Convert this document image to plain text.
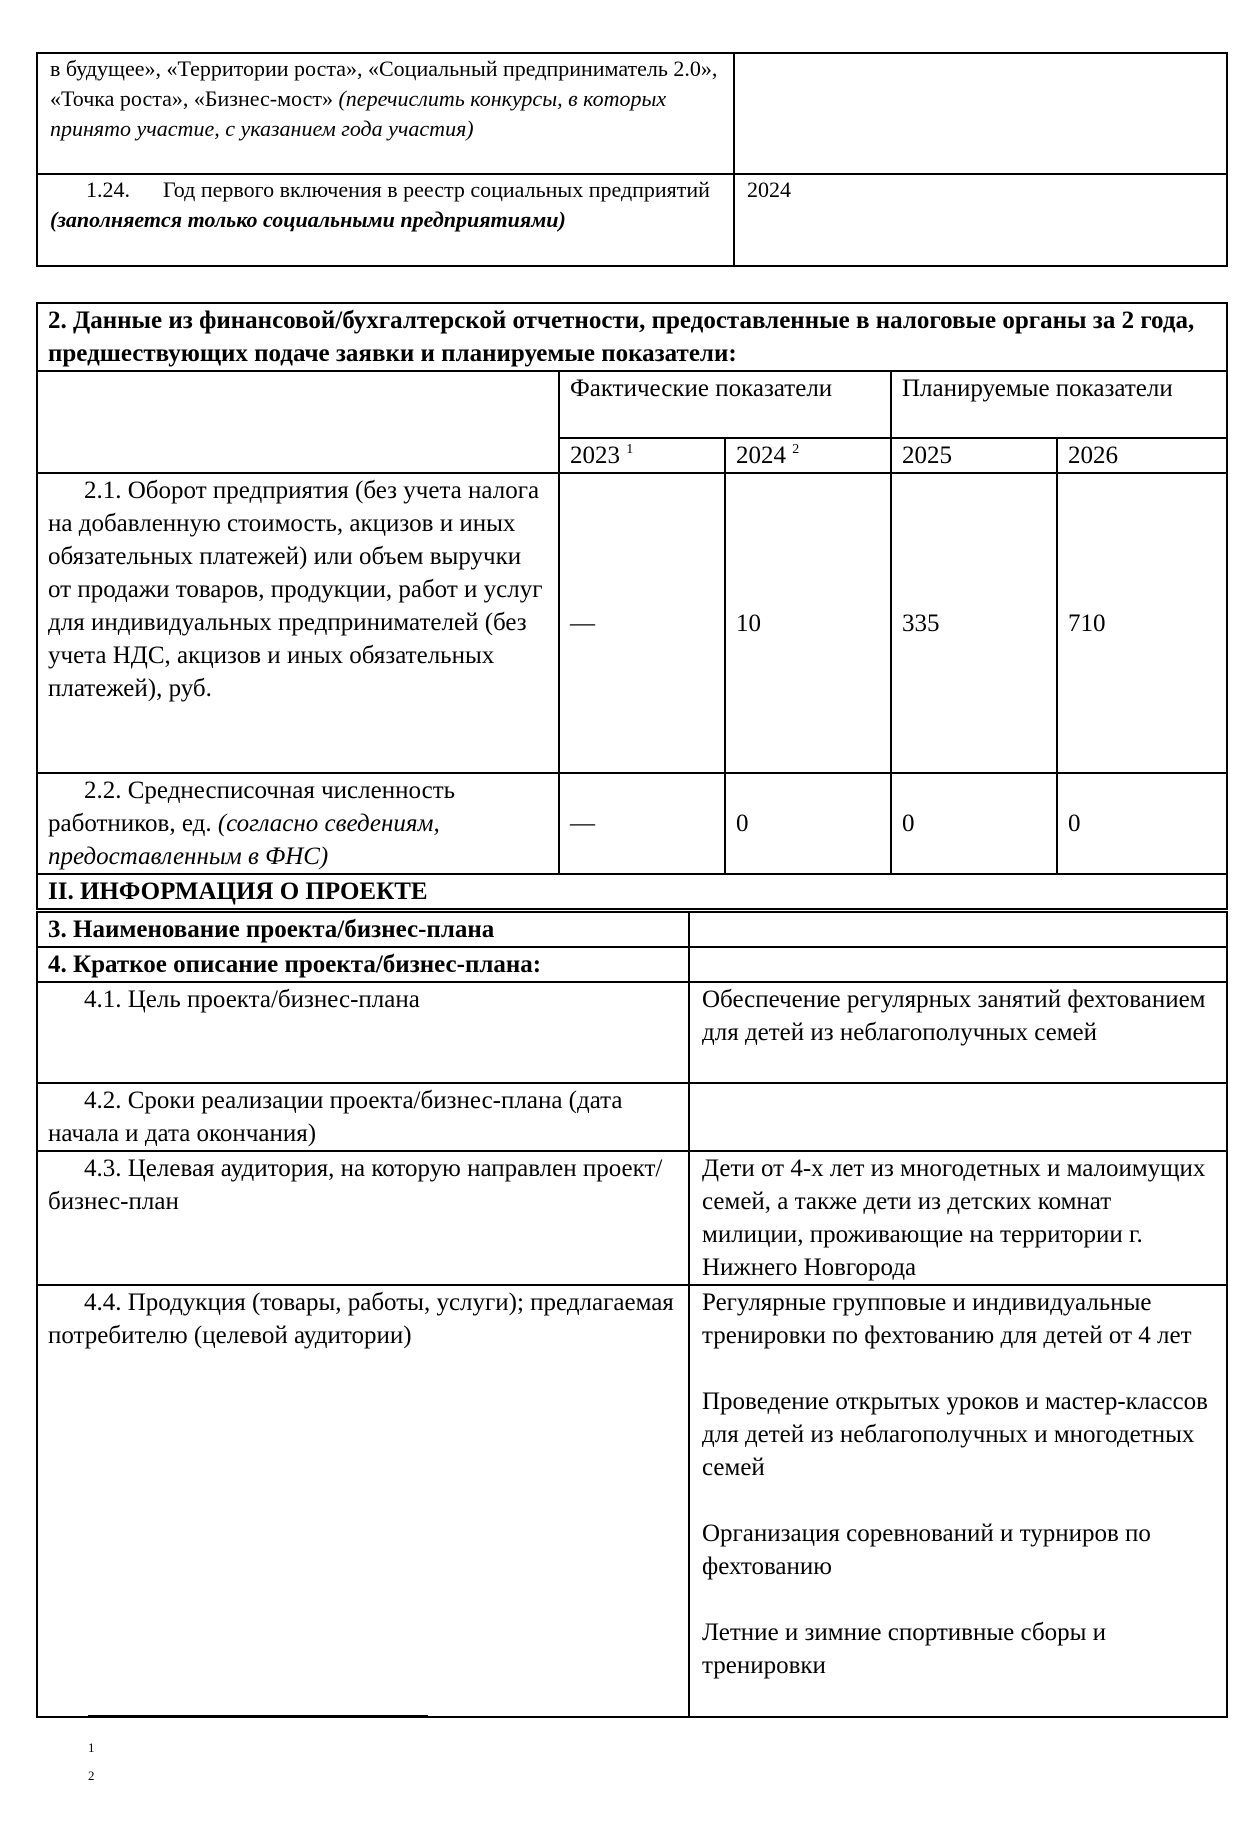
в будущее», «Территории роста», «Социальный предприниматель 2.0», «Точка роста», «Бизнес-мост» (перечислить конкурсы, в которых принято участие, с указанием года участия)	
1.24. Год первого включения в реестр социальных предприятий (заполняется только социальными предприятиями)	2024
2. Данные из финансовой/бухгалтерской отчетности, предоставленные в налоговые органы за 2 года, предшествующих подаче заявки и планируемые показатели:				
	Фактические показатели		Планируемые показатели	
	2023 $^1$	2024 $^2$	2025	2026
2.1. Оборот предприятия (без учета налога на добавленную стоимость, акцизов и иных обязательных платежей) или объем выручки от продажи товаров, продукции, работ и услуг для индивидуальных предпринимателей (без учета НДС, акцизов и иных обязательных платежей), руб.	—	10	335	710
2.2. Среднесписочная численность работников, ед. (согласно сведениям, предоставленным в ФНС)	—	0	0	0
II. ИНФОРМАЦИЯ О ПРОЕКТЕ				
3. Наименование проекта/бизнес-плана	
4. Краткое описание проекта/бизнес-плана:	
4.1. Цель проекта/бизнес-плана	Обеспечение регулярных занятий фехтованием для детей из неблагополучных семей
4.2. Сроки реализации проекта/бизнес-плана (дата начала и дата окончания)	
4.3. Целевая аудитория, на которую направлен проект/бизнес-план	Дети от 4-х лет из многодетных и малоимущих семей, а также дети из детских комнат милиции, проживающие на территории г. Нижнего Новгорода
4.4. Продукция (товары, работы, услуги); предлагаемая потребителю (целевой аудитории)	Регулярные групповые и индивидуальные тренировки по фехтованию для детей от 4 лет
Проведение открытых уроков и мастер-классов для детей из неблагополучных и многодетных семей
Организация соревнований и турниров по фехтованию
Летние и зимние спортивные сборы и тренировки
1
2
